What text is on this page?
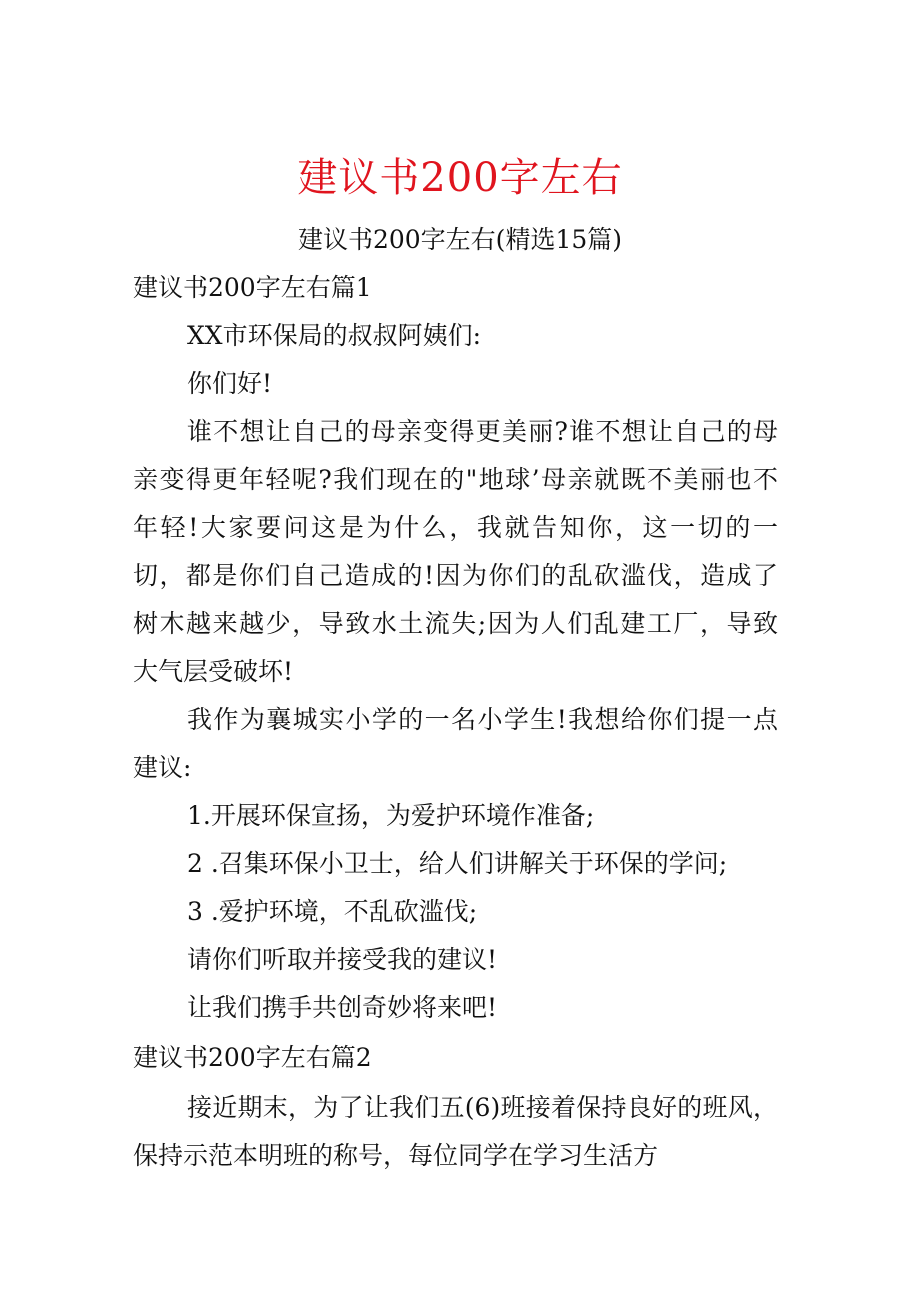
建议书200字左右
建议书200字左右(精选15篇)
建议书200字左右篇1
XX市环保局的叔叔阿姨们:
你们好!
谁不想让自己的母亲变得更美丽?谁不想让自己的母
亲变得更年轻呢?我们现在的"地球’母亲就既不美丽也不
年轻!大家要问这是为什么，我就告知你，这一切的一
切，都是你们自己造成的!因为你们的乱砍滥伐，造成了
树木越来越少，导致水土流失;因为人们乱建工厂，导致
大气层受破坏!
我作为襄城实小学的一名小学生!我想给你们提一点
建议:
1.开展环保宣扬，为爱护环境作准备;
2 .召集环保小卫士，给人们讲解关于环保的学问;
3 .爱护环境，不乱砍滥伐;
请你们听取并接受我的建议!
让我们携手共创奇妙将来吧!
建议书200字左右篇2
接近期末，为了让我们五(6)班接着保持良好的班风，
保持示范本明班的称号，每位同学在学习生活方
